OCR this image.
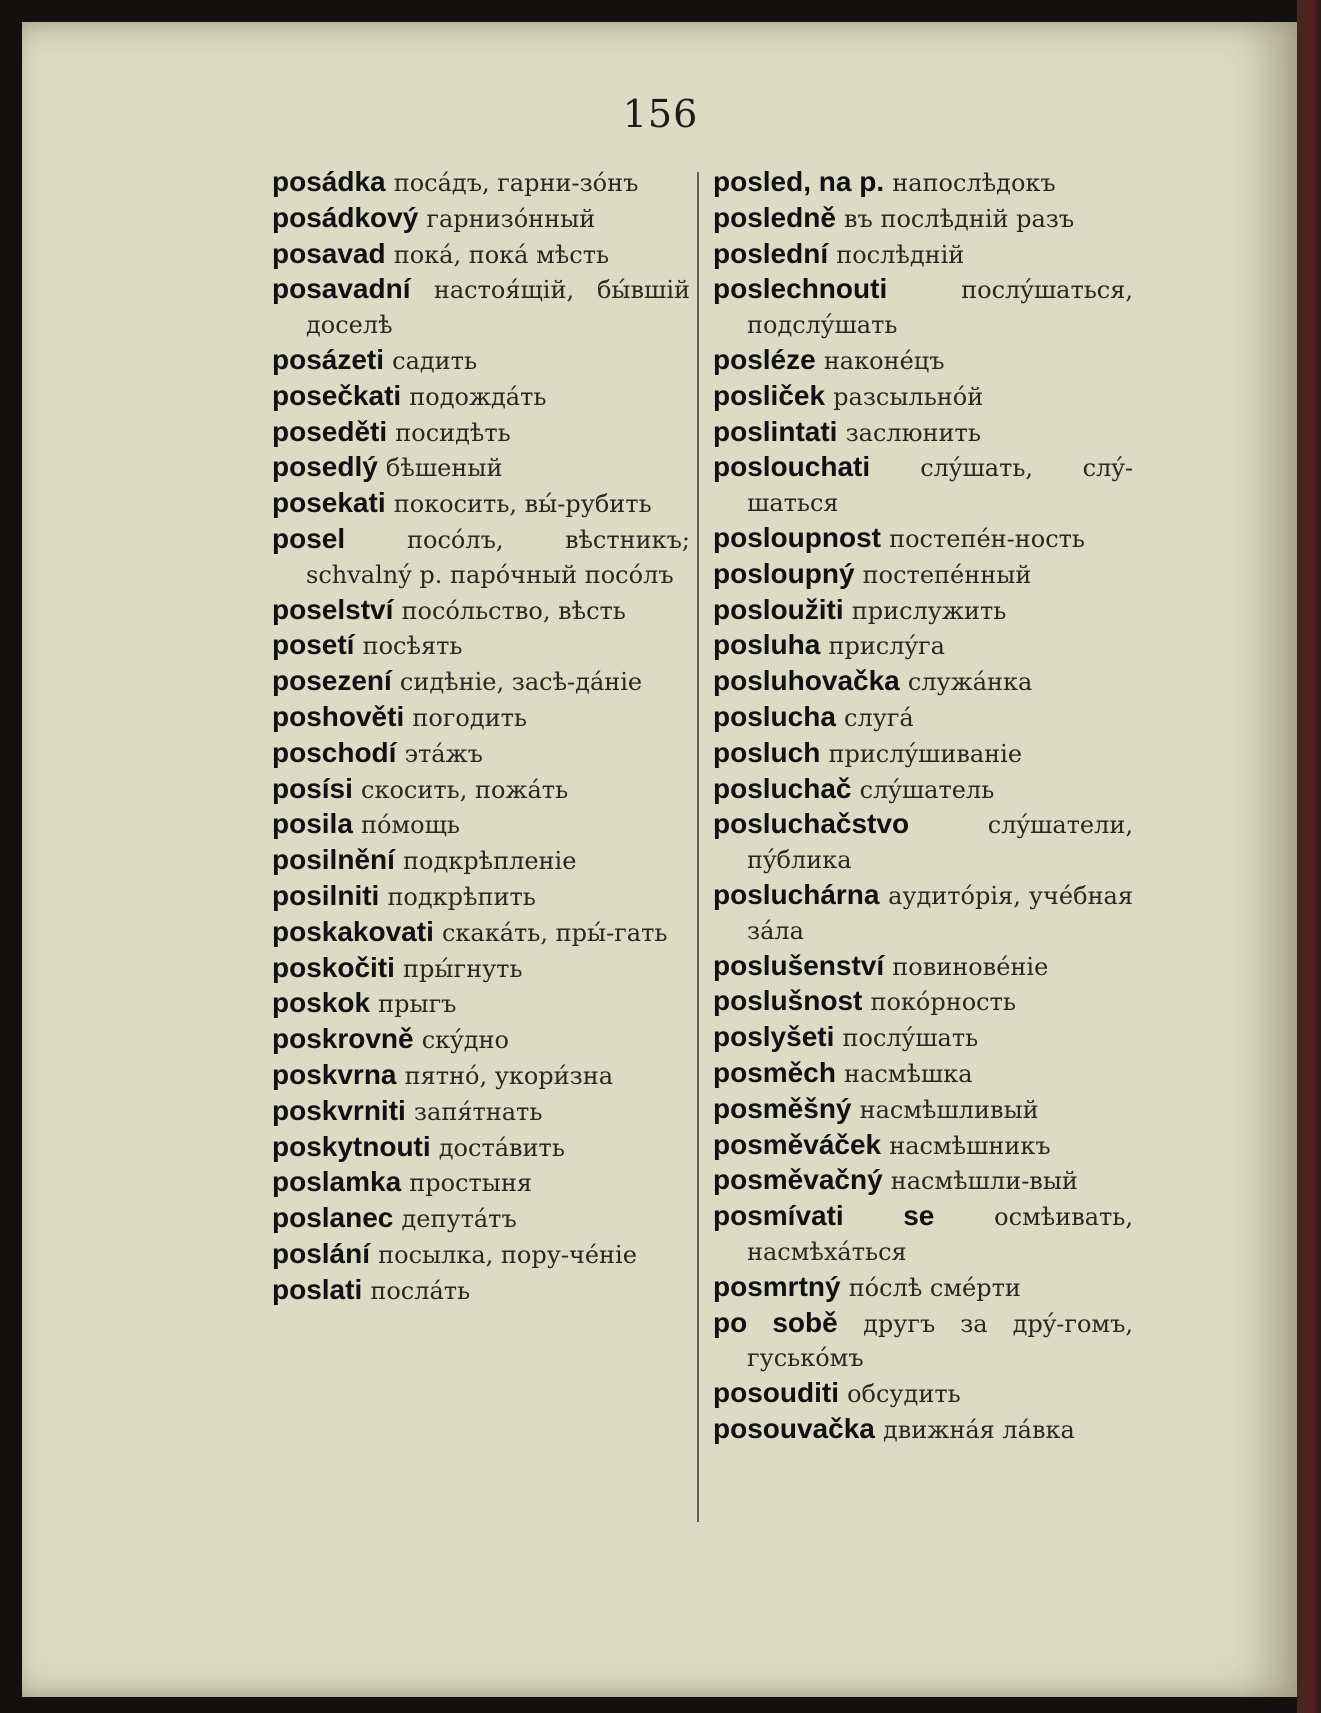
156
posádka посáдъ, гарни-зóнъ
posádkový гарнизóнный
posavad покá, покá мѣсть
posavadní настоя́щій, бы́вшій доселѣ
posázeti садить
posečkati подождáть
poseděti посидѣть
posedlý бѣшеный
posekati покосить, вы́-рубить
posel	посóлъ, вѣстникъ; schvalný p. парóчный посóлъ
poselství посóльство, вѣсть
posetí посѣять
posezení сидѣніе, засѣ-дáніе
poshověti погодить
poschodí этáжъ
posísi скосить, пожáть
posila пóмощь
posilnění подкрѣпленіе
posilniti подкрѣпить
poskakovati скакáть, пры́-гать
poskočiti пры́гнуть
poskok прыгъ
poskrovně скýдно
poskvrna пятнó, укори́зна
poskvrniti запя́тнать
poskytnouti достáвить
poslamka простыня
poslanec депутáтъ
poslání посылка, пору-чéніе
poslati послáть
posled, na p. напослѣдокъ
posledně въ послѣдній разъ
poslední послѣдній
poslechnouti	послýшаться, подслýшать
posléze наконéцъ
posliček разсыльнóй
poslintati заслюнить
poslouchati слýшать, слý-шаться
posloupnost постепéн-ность
posloupný постепéнный
posloužiti прислужить
posluha прислýга
posluhovačka служáнка
poslucha слугá
posluch прислýшиваніе
posluchač слýшатель
posluchačstvo	слýшатели, пýблика
posluchárna аудитóрія, учéбная зáла
poslušenství повиновéніе
poslušnost покóрность
poslyšeti послýшать
posměch насмѣшка
posměšný насмѣшливый
posměváček насмѣшникъ
posměvačný насмѣшли-вый
posmívati se осмѣивать, насмѣхáться
posmrtný пóслѣ смéрти
po sobě другъ за дрý-гомъ, гуськóмъ
posouditi обсудить
posouvačka движнáя лáвка
